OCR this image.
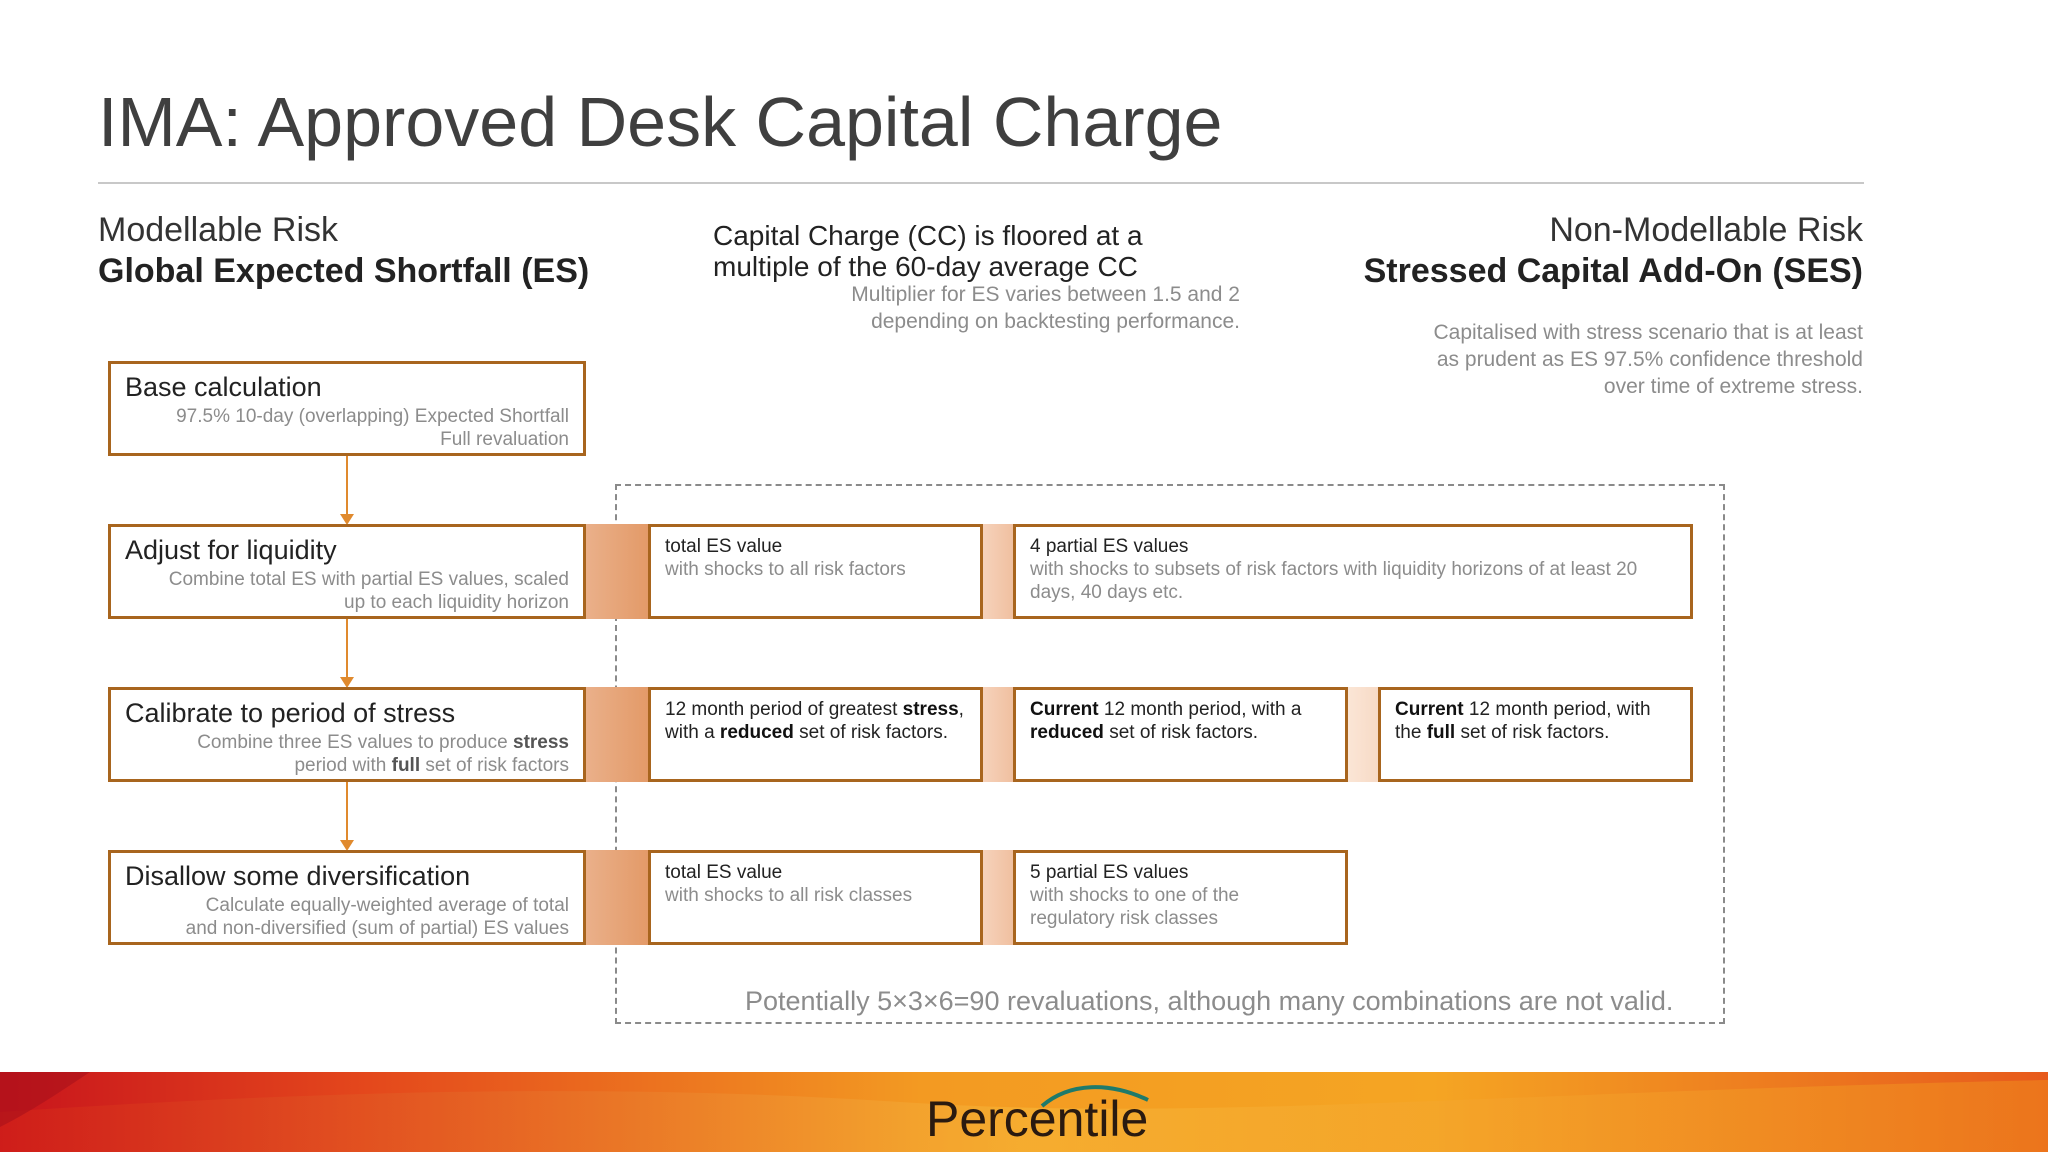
IMA: Approved Desk Capital Charge
Modellable Risk
Global Expected Shortfall (ES)
Capital Charge (CC) is floored at a
multiple of the 60-day average CC
Multiplier for ES varies between 1.5 and 2
depending on backtesting performance.
Non-Modellable Risk
Stressed Capital Add-On (SES)
Capitalised with stress scenario that is at least
as prudent as ES 97.5% confidence threshold
over time of extreme stress.
Base calculation
97.5% 10-day (overlapping) Expected Shortfall
Full revaluation
Adjust for liquidity
Combine total ES with partial ES values, scaled
up to each liquidity horizon
Calibrate to period of stress
Combine three ES values to produce stress
period with full set of risk factors
Disallow some diversification
Calculate equally-weighted average of total
and non-diversified (sum of partial) ES values
total ES value
with shocks to all risk factors
4 partial ES values
with shocks to subsets of risk factors with liquidity horizons of at least 20 days, 40 days etc.
12 month period of greatest stress, with a reduced set of risk factors.
Current 12 month period, with a reduced set of risk factors.
Current 12 month period, with the full set of risk factors.
total ES value
with shocks to all risk classes
5 partial ES values
with shocks to one of the regulatory risk classes
Potentially 5×3×6=90 revaluations, although many combinations are not valid.
Percentile
